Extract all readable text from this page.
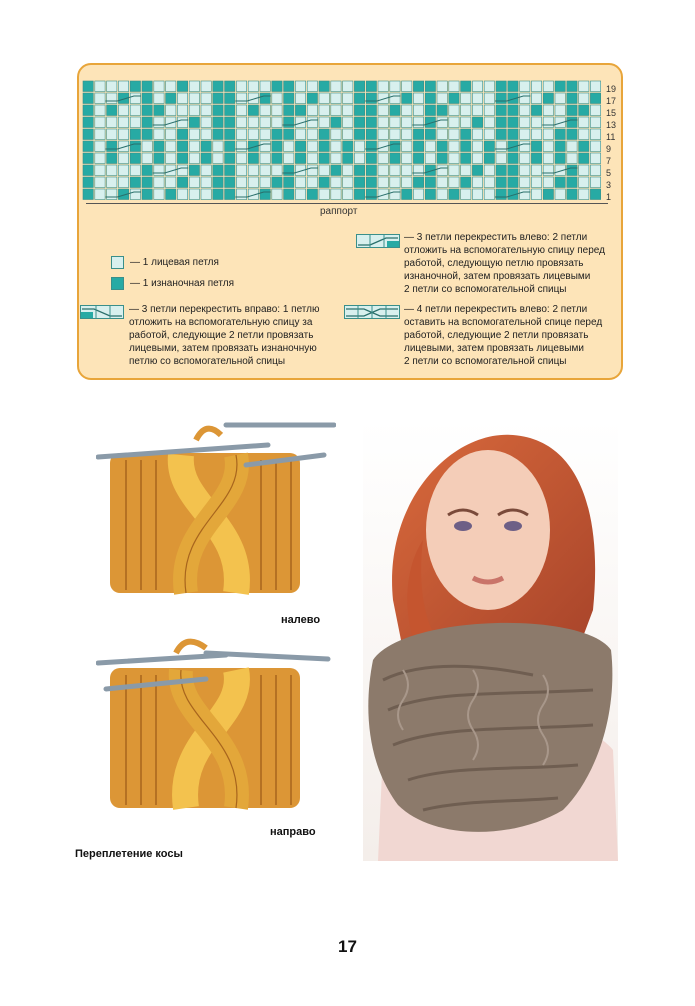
19
17
15
13
11
9
7
5
3
1
раппорт
— 1 лицевая петля
— 1 изнаночная петля
— 3 петли перекрестить вправо: 1 петлю
отложить на вспомогательную спицу за
работой, следующие 2 петли провязать
лицевыми, затем провязать изнаночную
петлю со вспомогательной спицы
— 3 петли перекрестить влево: 2 петли
отложить на вспомогательную спицу перед
работой, следующую петлю провязать
изнаночной, затем провязать лицевыми
2 петли со вспомогательной спицы
— 4 петли перекрестить влево: 2 петли
оставить на вспомогательной спице перед
работой, следующие 2 петли провязать
лицевыми, затем провязать лицевыми
2 петли со вспомогательной спицы
налево
направо
Переплетение косы
17
